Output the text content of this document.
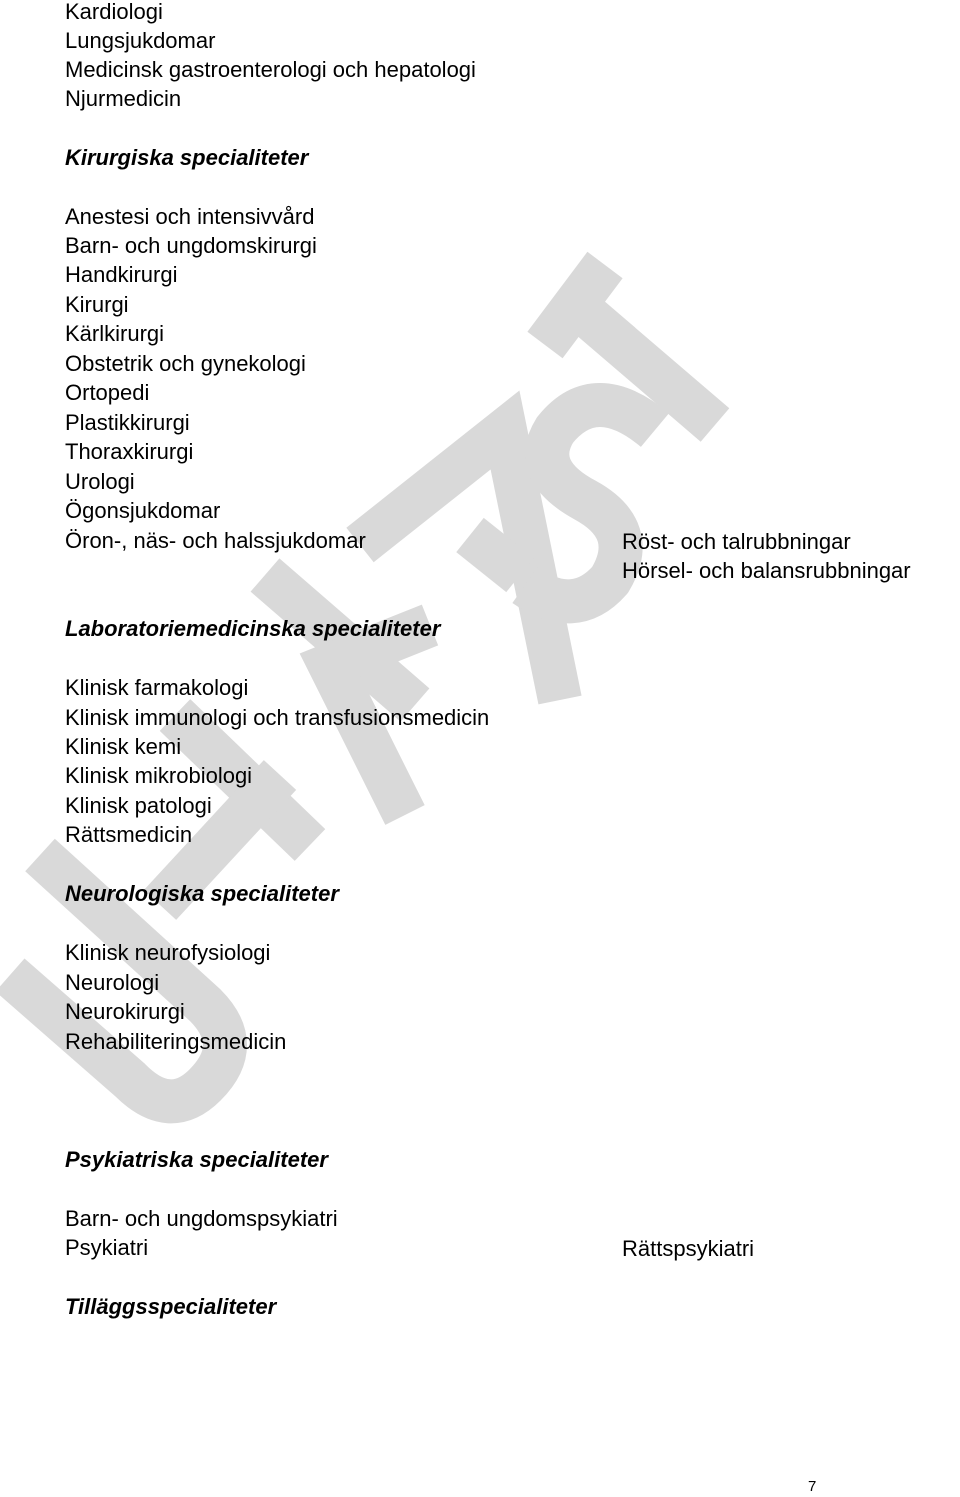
Kardiologi
Lungsjukdomar
Medicinsk gastroenterologi och hepatologi
Njurmedicin
Kirurgiska specialiteter
Anestesi och intensivvård
Barn- och ungdomskirurgi
Handkirurgi
Kirurgi
Kärlkirurgi
Obstetrik och gynekologi
Ortopedi
Plastikkirurgi
Thoraxkirurgi
Urologi
Ögonsjukdomar
Öron-, näs- och halssjukdomar	Röst- och talrubbningar
Hörsel- och balansrubbningar
Laboratoriemedicinska specialiteter
Klinisk farmakologi
Klinisk immunologi och transfusionsmedicin
Klinisk kemi
Klinisk mikrobiologi
Klinisk patologi
Rättsmedicin
Neurologiska specialiteter
Klinisk neurofysiologi
Neurologi
Neurokirurgi
Rehabiliteringsmedicin
Psykiatriska specialiteter
Barn- och ungdomspsykiatri
Psykiatri	Rättspsykiatri
Tilläggsspecialiteter
7
